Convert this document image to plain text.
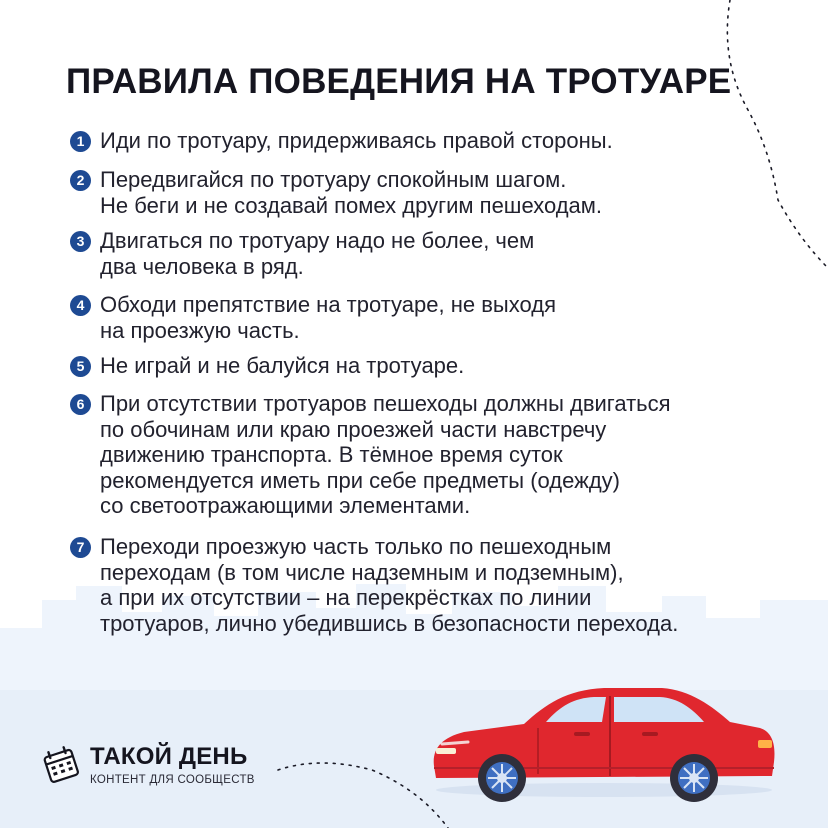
ПРАВИЛА ПОВЕДЕНИЯ НА ТРОТУАРЕ
1 Иди по тротуару, придерживаясь правой стороны.
2 Передвигайся по тротуару спокойным шагом.
Не беги и не создавай помех другим пешеходам.
3 Двигаться по тротуару надо не более, чем
два человека в ряд.
4 Обходи препятствие на тротуаре, не выходя
на проезжую часть.
5 Не играй и не балуйся на тротуаре.
6 При отсутствии тротуаров пешеходы должны двигаться
по обочинам или краю проезжей части навстречу
движению транспорта. В тёмное время суток
рекомендуется иметь при себе предметы (одежду)
со светоотражающими элементами.
7 Переходи проезжую часть только по пешеходным
переходам (в том числе надземным и подземным),
а при их отсутствии – на перекрёстках по линии
тротуаров, лично убедившись в безопасности перехода.
ТАКОЙ ДЕНЬ
КОНТЕНТ ДЛЯ СООБЩЕСТВ
